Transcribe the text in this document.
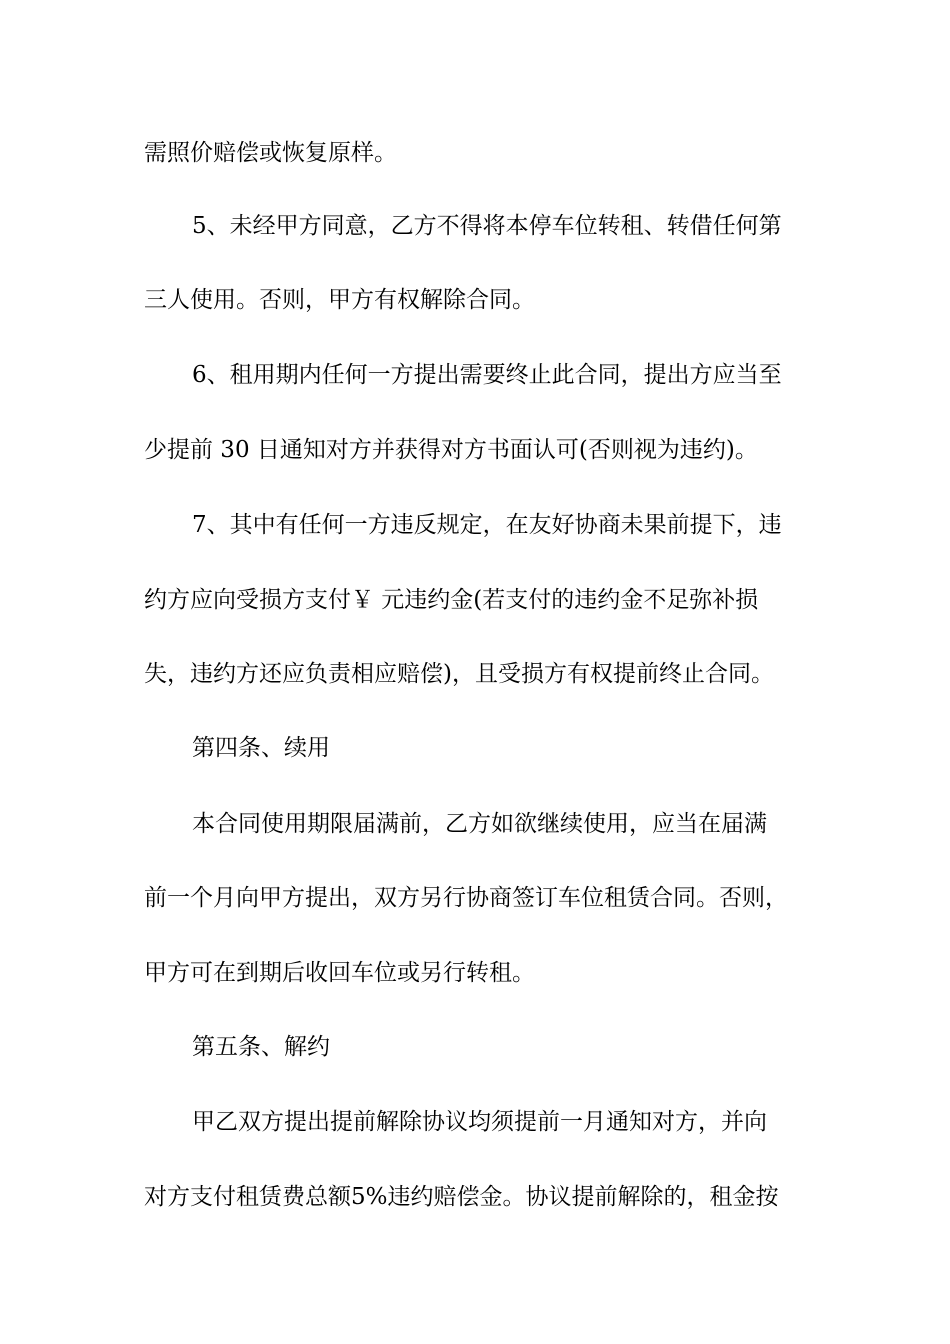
需照价赔偿或恢复原样。
5、未经甲方同意，乙方不得将本停车位转租、转借任何第
三人使用。否则，甲方有权解除合同。
6、租用期内任何一方提出需要终止此合同，提出方应当至
少提前 30 日通知对方并获得对方书面认可(否则视为违约)。
7、其中有任何一方违反规定，在友好协商未果前提下，违
约方应向受损方支付￥ 元违约金(若支付的违约金不足弥补损
失，违约方还应负责相应赔偿)，且受损方有权提前终止合同。
第四条、续用
本合同使用期限届满前，乙方如欲继续使用，应当在届满
前一个月向甲方提出，双方另行协商签订车位租赁合同。否则，
甲方可在到期后收回车位或另行转租。
第五条、解约
甲乙双方提出提前解除协议均须提前一月通知对方，并向
对方支付租赁费总额5%违约赔偿金。协议提前解除的，租金按
